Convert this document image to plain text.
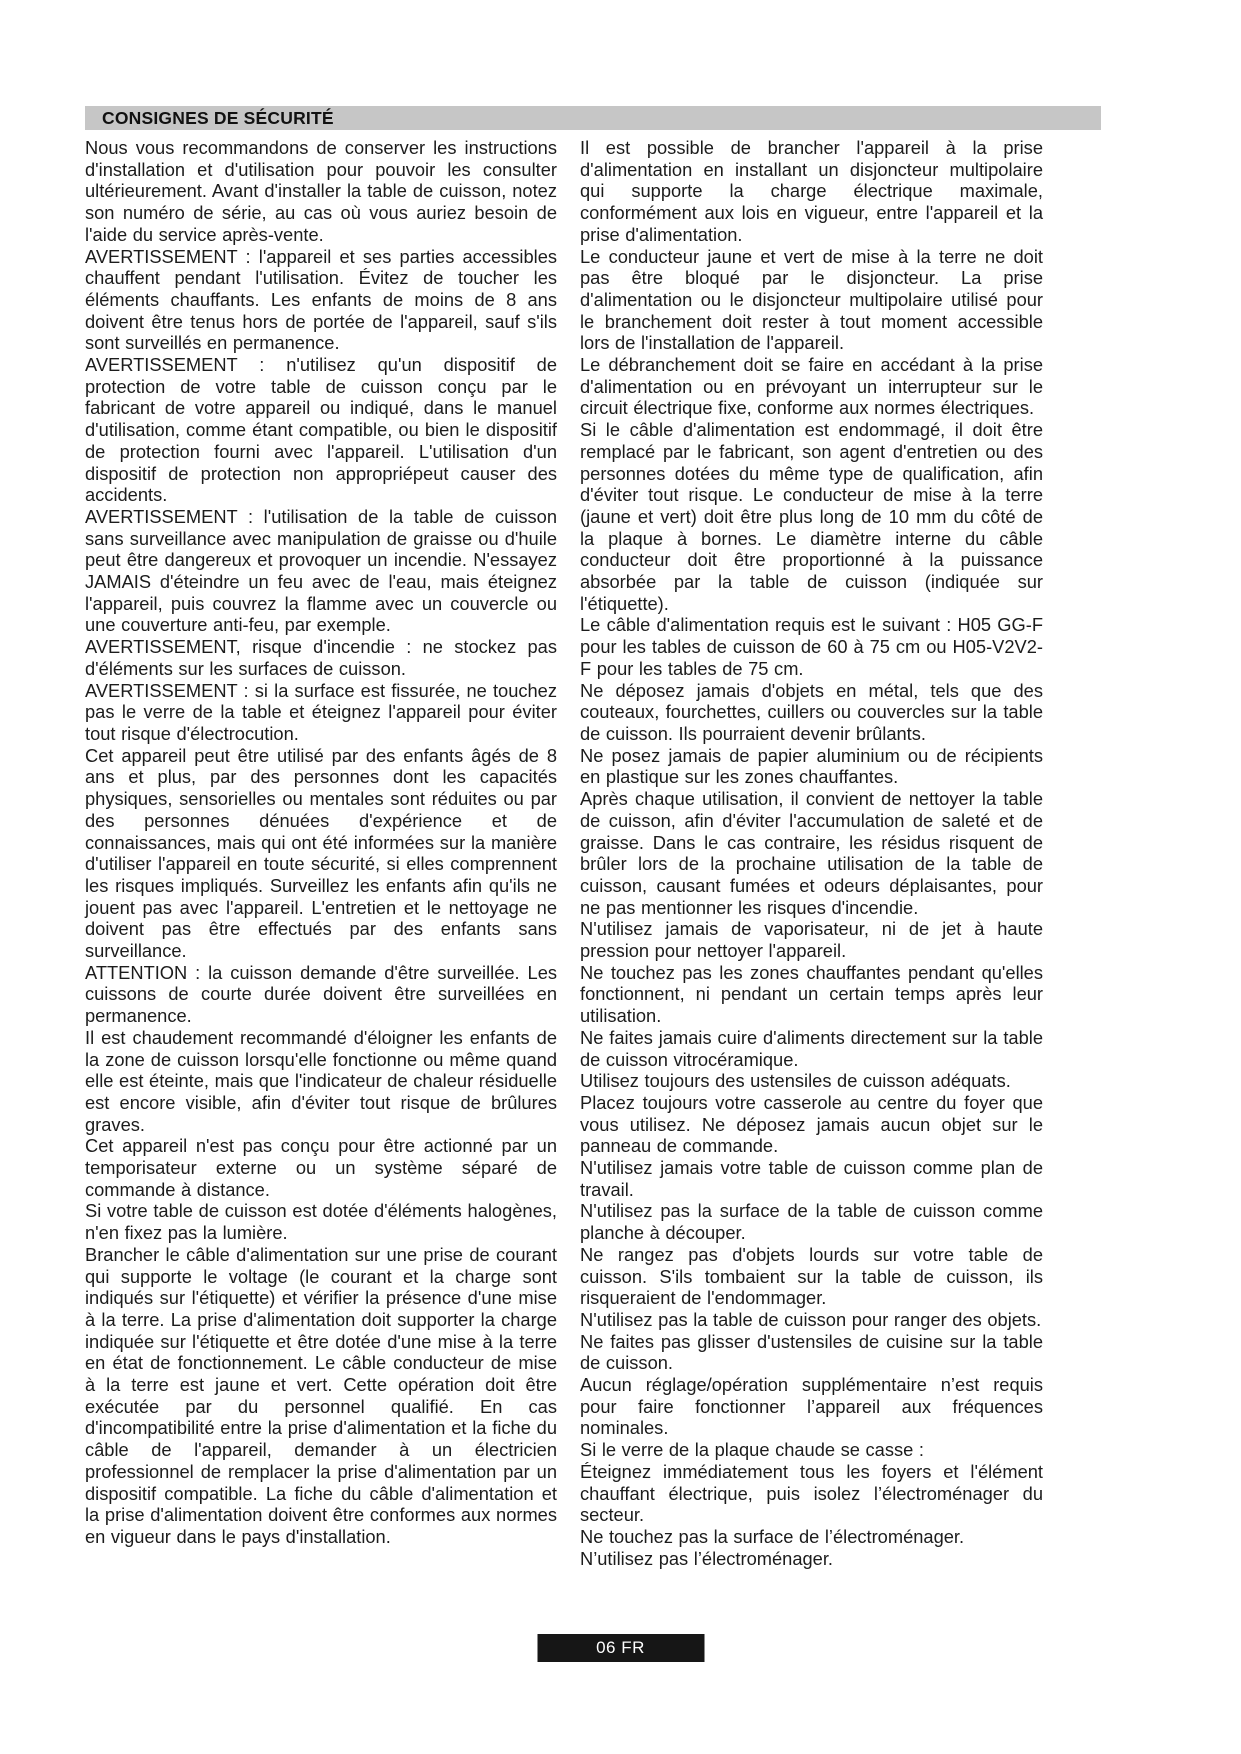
CONSIGNES DE SÉCURITÉ

Nous vous recommandons de conserver les instructions d'installation et d'utilisation pour pouvoir les consulter ultérieurement. Avant d'installer la table de cuisson, notez son numéro de série, au cas où vous auriez besoin de l'aide du service après-vente.

AVERTISSEMENT : l'appareil et ses parties accessibles chauffent pendant l'utilisation. Évitez de toucher les éléments chauffants. Les enfants de moins de 8 ans doivent être tenus hors de portée de l'appareil, sauf s'ils sont surveillés en permanence.

AVERTISSEMENT : n'utilisez qu'un dispositif de protection de votre table de cuisson conçu par le fabricant de votre appareil ou indiqué, dans le manuel d'utilisation, comme étant compatible, ou bien le dispositif de protection fourni avec l'appareil. L'utilisation d'un dispositif de protection non appropriépeut causer des accidents.

AVERTISSEMENT : l'utilisation de la table de cuisson sans surveillance avec manipulation de graisse ou d'huile peut être dangereux et provoquer un incendie. N'essayez JAMAIS d'éteindre un feu avec de l'eau, mais éteignez l'appareil, puis couvrez la flamme avec un couvercle ou une couverture anti-feu, par exemple.

AVERTISSEMENT, risque d'incendie : ne stockez pas d'éléments sur les surfaces de cuisson.

AVERTISSEMENT : si la surface est fissurée, ne touchez pas le verre de la table et éteignez l'appareil pour éviter tout risque d'électrocution.

Cet appareil peut être utilisé par des enfants âgés de 8 ans et plus, par des personnes dont les capacités physiques, sensorielles ou mentales sont réduites ou par des personnes dénuées d'expérience et de connaissances, mais qui ont été informées sur la manière d'utiliser l'appareil en toute sécurité, si elles comprennent les risques impliqués. Surveillez les enfants afin qu'ils ne jouent pas avec l'appareil. L'entretien et le nettoyage ne doivent pas être effectués par des enfants sans surveillance.

ATTENTION : la cuisson demande d'être surveillée. Les cuissons de courte durée doivent être surveillées en permanence.

Il est chaudement recommandé d'éloigner les enfants de la zone de cuisson lorsqu'elle fonctionne ou même quand elle est éteinte, mais que l'indicateur de chaleur résiduelle est encore visible, afin d'éviter tout risque de brûlures graves.

Cet appareil n'est pas conçu pour être actionné par un temporisateur externe ou un système séparé de commande à distance.

Si votre table de cuisson est dotée d'éléments halogènes, n'en fixez pas la lumière.

Brancher le câble d'alimentation sur une prise de courant qui supporte le voltage (le courant et la charge sont indiqués sur l'étiquette) et vérifier la présence d'une mise à la terre. La prise d'alimentation doit supporter la charge indiquée sur l'étiquette et être dotée d'une mise à la terre en état de fonctionnement. Le câble conducteur de mise à la terre est jaune et vert. Cette opération doit être exécutée par du personnel qualifié. En cas d'incompatibilité entre la prise d'alimentation et la fiche du câble de l'appareil, demander à un électricien professionnel de remplacer la prise d'alimentation par un dispositif compatible. La fiche du câble d'alimentation et la prise d'alimentation doivent être conformes aux normes en vigueur dans le pays d'installation.

Il est possible de brancher l'appareil à la prise d'alimentation en installant un disjoncteur multipolaire qui supporte la charge électrique maximale, conformément aux lois en vigueur, entre l'appareil et la prise d'alimentation.

Le conducteur jaune et vert de mise à la terre ne doit pas être bloqué par le disjoncteur. La prise d'alimentation ou le disjoncteur multipolaire utilisé pour le branchement doit rester à tout moment accessible lors de l'installation de l'appareil.

Le débranchement doit se faire en accédant à la prise d'alimentation ou en prévoyant un interrupteur sur le circuit électrique fixe, conforme aux normes électriques.

Si le câble d'alimentation est endommagé, il doit être remplacé par le fabricant, son agent d'entretien ou des personnes dotées du même type de qualification, afin d'éviter tout risque. Le conducteur de mise à la terre (jaune et vert) doit être plus long de 10 mm du côté de la plaque à bornes. Le diamètre interne du câble conducteur doit être proportionné à la puissance absorbée par la table de cuisson (indiquée sur l'étiquette).

Le câble d'alimentation requis est le suivant : H05 GG-F pour les tables de cuisson de 60 à 75 cm ou H05-V2V2-F pour les tables de 75 cm.

Ne déposez jamais d'objets en métal, tels que des couteaux, fourchettes, cuillers ou couvercles sur la table de cuisson. Ils pourraient devenir brûlants.

Ne posez jamais de papier aluminium ou de récipients en plastique sur les zones chauffantes.

Après chaque utilisation, il convient de nettoyer la table de cuisson, afin d'éviter l'accumulation de saleté et de graisse. Dans le cas contraire, les résidus risquent de brûler lors de la prochaine utilisation de la table de cuisson, causant fumées et odeurs déplaisantes, pour ne pas mentionner les risques d'incendie.

N'utilisez jamais de vaporisateur, ni de jet à haute pression pour nettoyer l'appareil.

Ne touchez pas les zones chauffantes pendant qu'elles fonctionnent, ni pendant un certain temps après leur utilisation.

Ne faites jamais cuire d'aliments directement sur la table de cuisson vitrocéramique.

Utilisez toujours des ustensiles de cuisson adéquats.

Placez toujours votre casserole au centre du foyer que vous utilisez. Ne déposez jamais aucun objet sur le panneau de commande.

N'utilisez jamais votre table de cuisson comme plan de travail.

N'utilisez pas la surface de la table de cuisson comme planche à découper.

Ne rangez pas d'objets lourds sur votre table de cuisson. S'ils tombaient sur la table de cuisson, ils risqueraient de l'endommager.

N'utilisez pas la table de cuisson pour ranger des objets.

Ne faites pas glisser d'ustensiles de cuisine sur la table de cuisson.

Aucun réglage/opération supplémentaire n’est requis pour faire fonctionner l’appareil aux fréquences nominales.

Si le verre de la plaque chaude se casse :

Éteignez immédiatement tous les foyers et l'élément chauffant électrique, puis isolez l’électroménager du secteur.

Ne touchez pas la surface de l’électroménager.

N’utilisez pas l’électroménager.

06 FR
